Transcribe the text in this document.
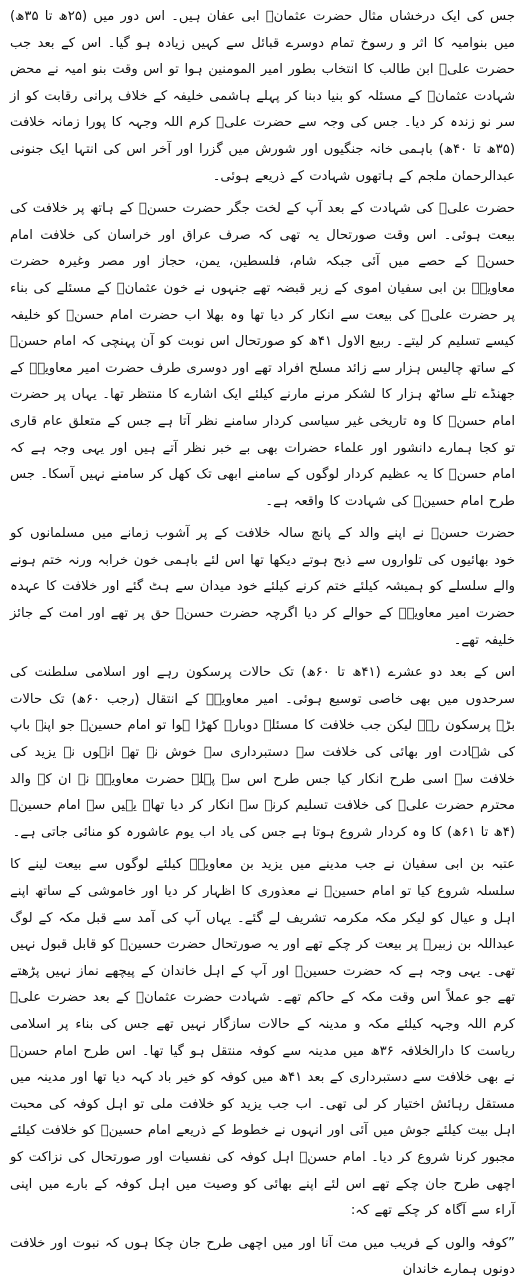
جس کی ایک درخشاں مثال حضرت عثمانؓ ابی عفان ہیں۔ اس دور میں (۲۵ھ تا ۳۵ھ) میں بنوامیہ کا اثر و رسوخ تمام دوسرے قبائل سے کہیں زیادہ ہو گیا۔ اس کے بعد جب حضرت علیؓ ابن طالب کا انتخاب بطور امیر المومنین ہوا تو اس وقت بنو امیہ نے محض شہادت عثمانؓ کے مسئلہ کو بنیا دبنا کر پہلے ہاشمی خلیفہ کے خلاف پرانی رقابت کو از سر نو زندہ کر دیا۔ جس کی وجہ سے حضرت علیؓ کرم اللہ وجہہ کا پورا زمانہ خلافت (۳۵ھ تا ۴۰ھ) باہمی خانہ جنگیوں اور شورش میں گزرا اور آخر اس کی انتہا ایک جنونی عبدالرحمان ملجم کے ہاتھوں شہادت کے ذریعے ہوئی۔

حضرت علیؓ کی شہادت کے بعد آپ کے لخت جگر حضرت حسنؓ کے ہاتھ پر خلافت کی بیعت ہوئی۔ اس وقت صورتحال یہ تھی کہ صرف عراق اور خراسان کی خلافت امام حسنؓ کے حصے میں آئی جبکہ شام، فلسطین، یمن، حجاز اور مصر وغیرہ حضرت معاویہؓ بن ابی سفیان اموی کے زیر قبضہ تھے جنہوں نے خون عثمانؓ کے مسئلے کی بناء پر حضرت علیؓ کی بیعت سے انکار کر دیا تھا وہ بھلا اب حضرت امام حسنؓ کو خلیفہ کیسے تسلیم کر لیتے۔ ربیع الاول ۴۱ھ کو صورتحال اس نوبت کو آن پہنچی کہ امام حسنؓ کے ساتھ چالیس ہزار سے زائد مسلح افراد تھے اور دوسری طرف حضرت امیر معاویہؓ کے جھنڈے تلے ساٹھ ہزار کا لشکر مرنے مارنے کیلئے ایک اشارے کا منتظر تھا۔ یہاں پر حضرت امام حسنؓ کا وہ تاریخی غیر سیاسی کردار سامنے نظر آتا ہے جس کے متعلق عام قاری تو کجا ہمارے دانشور اور علماء حضرات بھی بے خبر نظر آتے ہیں اور یہی وجہ ہے کہ امام حسنؓ کا یہ عظیم کردار لوگوں کے سامنے ابھی تک کھل کر سامنے نہیں آسکا۔ جس طرح امام حسینؓ کی شہادت کا واقعہ ہے۔

حضرت حسنؓ نے اپنے والد کے پانچ سالہ خلافت کے پر آشوب زمانے میں مسلمانوں کو خود بھائیوں کی تلواروں سے ذبح ہوتے دیکھا تھا اس لئے باہمی خون خرابہ ورنہ ختم ہونے والے سلسلے کو ہمیشہ کیلئے ختم کرنے کیلئے خود میدان سے ہٹ گئے اور خلافت کا عہدہ حضرت امیر معاویہؓ کے حوالے کر دیا اگرچہ حضرت حسنؓ حق پر تھے اور امت کے جائز خلیفہ تھے۔

اس کے بعد دو عشرے (۴۱ھ تا ۶۰ھ) تک حالات پرسکون رہے اور اسلامی سلطنت کی سرحدوں میں بھی خاصی توسیع ہوئی۔ امیر معاویہؓ کے انتقال (رجب ۶۰ھ) تک حالات بڑے پرسکون رہے لیکن جب خلافت کا مسئلہ دوبارہ کھڑا ہوا تو امام حسینؓ جو اپنے باپ کی شہادت اور بھائی کی خلافت سے دستبرداری سے خوش نہ تھے انہوں نے یزید کی خلافت سے اسی طرح انکار کیا جس طرح اس سے پہلے حضرت معاویہؓ نے ان کے والد محترم حضرت علیؓ کی خلافت تسلیم کرنے سے انکار کر دیا تھا۔ یہیں سے امام حسینؓ (۴ھ تا ۶۱ھ) کا وہ کردار شروع ہوتا ہے جس کی یاد اب یوم عاشورہ کو منائی جاتی ہے۔

عتبہ بن ابی سفیان نے جب مدینے میں یزید بن معاویہؓ کیلئے لوگوں سے بیعت لینے کا سلسلہ شروع کیا تو امام حسینؓ نے معذوری کا اظہار کر دیا اور خاموشی کے ساتھ اپنے اہل و عیال کو لیکر مکہ مکرمہ تشریف لے گئے۔ یہاں آپ کی آمد سے قبل مکہ کے لوگ عبداللہ بن زبیرؓ پر بیعت کر چکے تھے اور یہ صورتحال حضرت حسینؓ کو قابل قبول نہیں تھی۔ یہی وجہ ہے کہ حضرت حسینؓ اور آپ کے اہل خاندان کے پیچھے نماز نہیں پڑھتے تھے جو عملاً اس وقت مکہ کے حاکم تھے۔ شہادت حضرت عثمانؓ کے بعد حضرت علیؓ کرم اللہ وجہہ کیلئے مکہ و مدینہ کے حالات سازگار نہیں تھے جس کی بناء پر اسلامی ریاست کا دارالخلافہ ۳۶ھ میں مدینہ سے کوفہ منتقل ہو گیا تھا۔ اس طرح امام حسنؓ نے بھی خلافت سے دستبرداری کے بعد ۴۱ھ میں کوفہ کو خیر باد کہہ دیا تھا اور مدینہ میں مستقل رہائش اختیار کر لی تھی۔ اب جب یزید کو خلافت ملی تو اہل کوفہ کی محبت اہل بیت کیلئے جوش میں آئی اور انہوں نے خطوط کے ذریعے امام حسینؓ کو خلافت کیلئے مجبور کرنا شروع کر دیا۔ امام حسنؓ اہل کوفہ کی نفسیات اور صورتحال کی نزاکت کو اچھی طرح جان چکے تھے اس لئے اپنے بھائی کو وصیت میں اہل کوفہ کے بارے میں اپنی آراء سے آگاہ کر چکے تھے کہ:

”کوفہ والوں کے فریب میں مت آنا اور میں اچھی طرح جان چکا ہوں کہ نبوت اور خلافت دونوں ہمارے خاندان
